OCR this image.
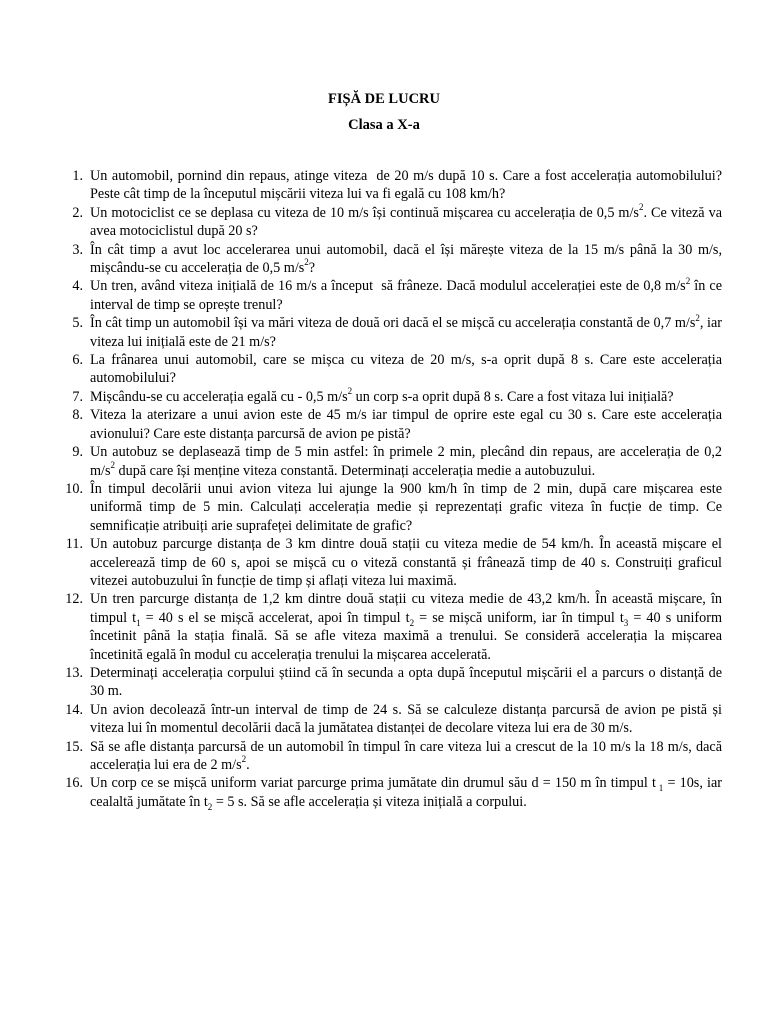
FIȘĂ DE LUCRU
Clasa a X-a
1. Un automobil, pornind din repaus, atinge viteza  de 20 m/s după 10 s. Care a fost accelerația automobilului? Peste cât timp de la începutul mișcării viteza lui va fi egală cu 108 km/h?
2. Un motociclist ce se deplasa cu viteza de 10 m/s își continuă mișcarea cu accelerația de 0,5 $m/s^2$. Ce viteză va avea motociclistul după 20 s?
3. În cât timp a avut loc accelerarea unui automobil, dacă el își mărește viteza de la 15 m/s până la 30 m/s, mișcându-se cu accelerația de 0,5 $m/s^2$?
4. Un tren, având viteza inițială de 16 m/s a început  să frâneze. Dacă modulul accelerației este de 0,8 $m/s^2$ în ce interval de timp se oprește trenul?
5. În cât timp un automobil își va mări viteza de două ori dacă el se mișcă cu accelerația constantă de 0,7 $m/s^2$, iar viteza lui inițială este de 21 m/s?
6. La frânarea unui automobil, care se mișca cu viteza de 20 m/s, s-a oprit după 8 s. Care este accelerația automobilului?
7. Mișcându-se cu accelerația egală cu - 0,5 $m/s^2$ un corp s-a oprit după 8 s. Care a fost vitaza lui inițială?
8. Viteza la aterizare a unui avion este de 45 m/s iar timpul de oprire este egal cu 30 s. Care este accelerația avionului? Care este distanța parcursă de avion pe pistă?
9. Un autobuz se deplasează timp de 5 min astfel: în primele 2 min, plecând din repaus, are accelerația de 0,2 $m/s^2$ după care își menține viteza constantă. Determinați accelerația medie a autobuzului.
10. În timpul decolării unui avion viteza lui ajunge la 900 km/h în timp de 2 min, după care mișcarea este uniformă timp de 5 min. Calculați accelerația medie și reprezentați grafic viteza în fucție de timp. Ce semnificație atribuiți arie suprafeței delimitate de grafic?
11. Un autobuz parcurge distanța de 3 km dintre două stații cu viteza medie de 54 km/h. În această mișcare el accelerează timp de 60 s, apoi se mișcă cu o viteză constantă și frânează timp de 40 s. Construiți graficul vitezei autobuzului în funcție de timp și aflați viteza lui maximă.
12. Un tren parcurge distanța de 1,2 km dintre două stații cu viteza medie de 43,2 km/h. În această mișcare, în timpul $t_1 = 40$ s el se mișcă accelerat, apoi în timpul $t_2$ = se mișcă uniform, iar în timpul $t_3 = 40$ s uniform încetinit până la stația finală. Să se afle viteza maximă a trenului. Se consideră accelerația la mișcarea încetinită egală în modul cu accelerația trenului la mișcarea accelerată.
13. Determinați accelerația corpului știind că în secunda a opta după începutul mișcării el a parcurs o distanță de 30 m.
14. Un avion decolează într-un interval de timp de 24 s. Să se calculeze distanța parcursă de avion pe pistă și viteza lui în momentul decolării dacă la jumătatea distanței de decolare viteza lui era de 30 m/s.
15. Să se afle distanța parcursă de un automobil în timpul în care viteza lui a crescut de la 10 m/s la 18 m/s, dacă accelerația lui era de 2 $m/s^2$.
16. Un corp ce se mișcă uniform variat parcurge prima jumătate din drumul său d = 150 m în timpul t $_1$ = 10s, iar cealaltă jumătate în $t_2 = 5$ s. Să se afle accelerația și viteza inițială a corpului.
